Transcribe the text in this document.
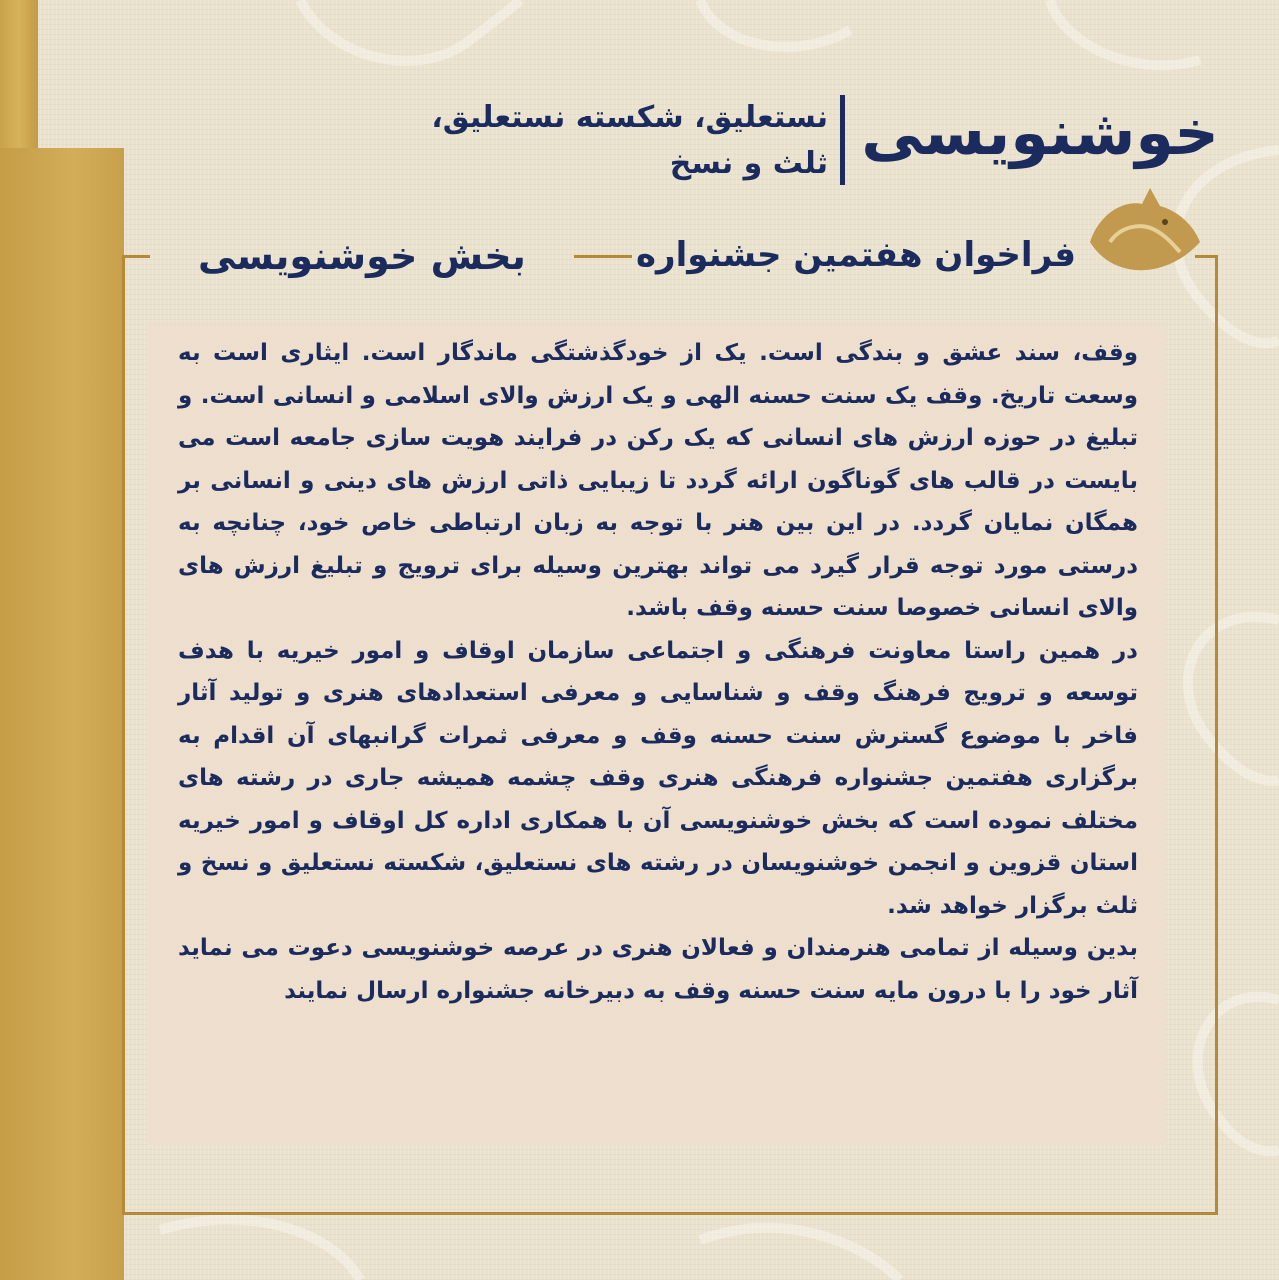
خوشنویسی
نستعلیق، شکسته نستعلیق،
ثلث و نسخ
فراخوان هفتمین جشنواره
بخش خوشنویسی

وقف، سند عشق و بندگی است. یک از خودگذشتگی ماندگار است. ایثاری است به وسعت تاریخ. وقف یک سنت حسنه الهی و یک ارزش والای اسلامی و انسانی است. و تبلیغ در حوزه ارزش های انسانی که یک رکن در فرایند هویت سازی جامعه است می بایست در قالب های گوناگون ارائه گردد تا زیبایی ذاتی ارزش های دینی و انسانی بر همگان نمایان گردد. در این بین هنر با توجه به زبان ارتباطی خاص خود، چنانچه به درستی مورد توجه قرار گیرد می تواند بهترین وسیله برای ترویج و تبلیغ ارزش های والای انسانی خصوصا سنت حسنه وقف باشد.

در همین راستا معاونت فرهنگی و اجتماعی سازمان اوقاف و امور خیریه با هدف توسعه و ترویج فرهنگ وقف و شناسایی و معرفی استعدادهای هنری و تولید آثار فاخر با موضوع گسترش سنت حسنه وقف و معرفی ثمرات گرانبهای آن اقدام به برگزاری هفتمین جشنواره فرهنگی هنری وقف چشمه همیشه جاری در رشته های مختلف نموده است که بخش خوشنویسی آن با همکاری اداره کل اوقاف و امور خیریه استان قزوین و انجمن خوشنویسان در رشته های نستعلیق، شکسته نستعلیق و نسخ و ثلث برگزار خواهد شد.

بدین وسیله از تمامی هنرمندان و فعالان هنری در عرصه خوشنویسی دعوت می نماید آثار خود را با درون مایه سنت حسنه وقف به دبیرخانه جشنواره ارسال نمایند
